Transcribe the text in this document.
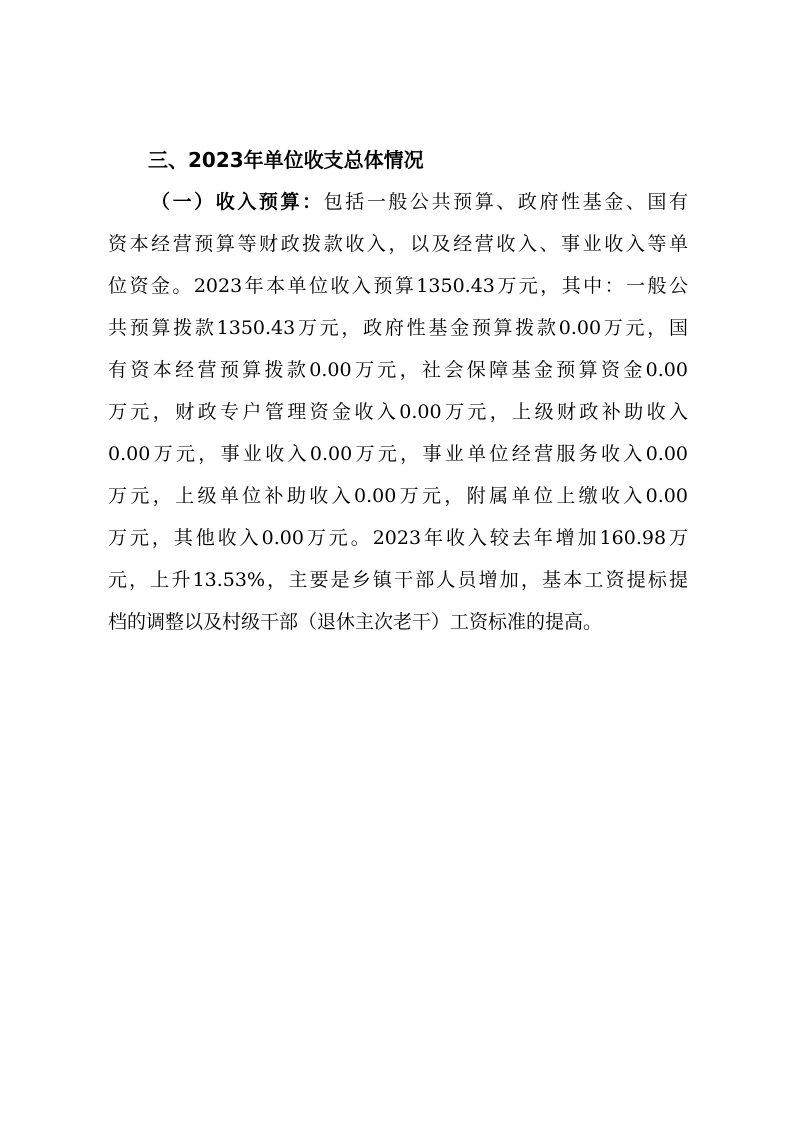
三、2023年单位收支总体情况
（一）收入预算：包括一般公共预算、政府性基金、国有
资本经营预算等财政拨款收入，以及经营收入、事业收入等单
位资金。2023年本单位收入预算1350.43万元，其中：一般公
共预算拨款1350.43万元，政府性基金预算拨款0.00万元，国
有资本经营预算拨款0.00万元，社会保障基金预算资金0.00
万元，财政专户管理资金收入0.00万元，上级财政补助收入
0.00万元，事业收入0.00万元，事业单位经营服务收入0.00
万元，上级单位补助收入0.00万元，附属单位上缴收入0.00
万元，其他收入0.00万元。2023年收入较去年增加160.98万
元，上升13.53%，主要是乡镇干部人员增加，基本工资提标提
档的调整以及村级干部（退休主次老干）工资标准的提高。
